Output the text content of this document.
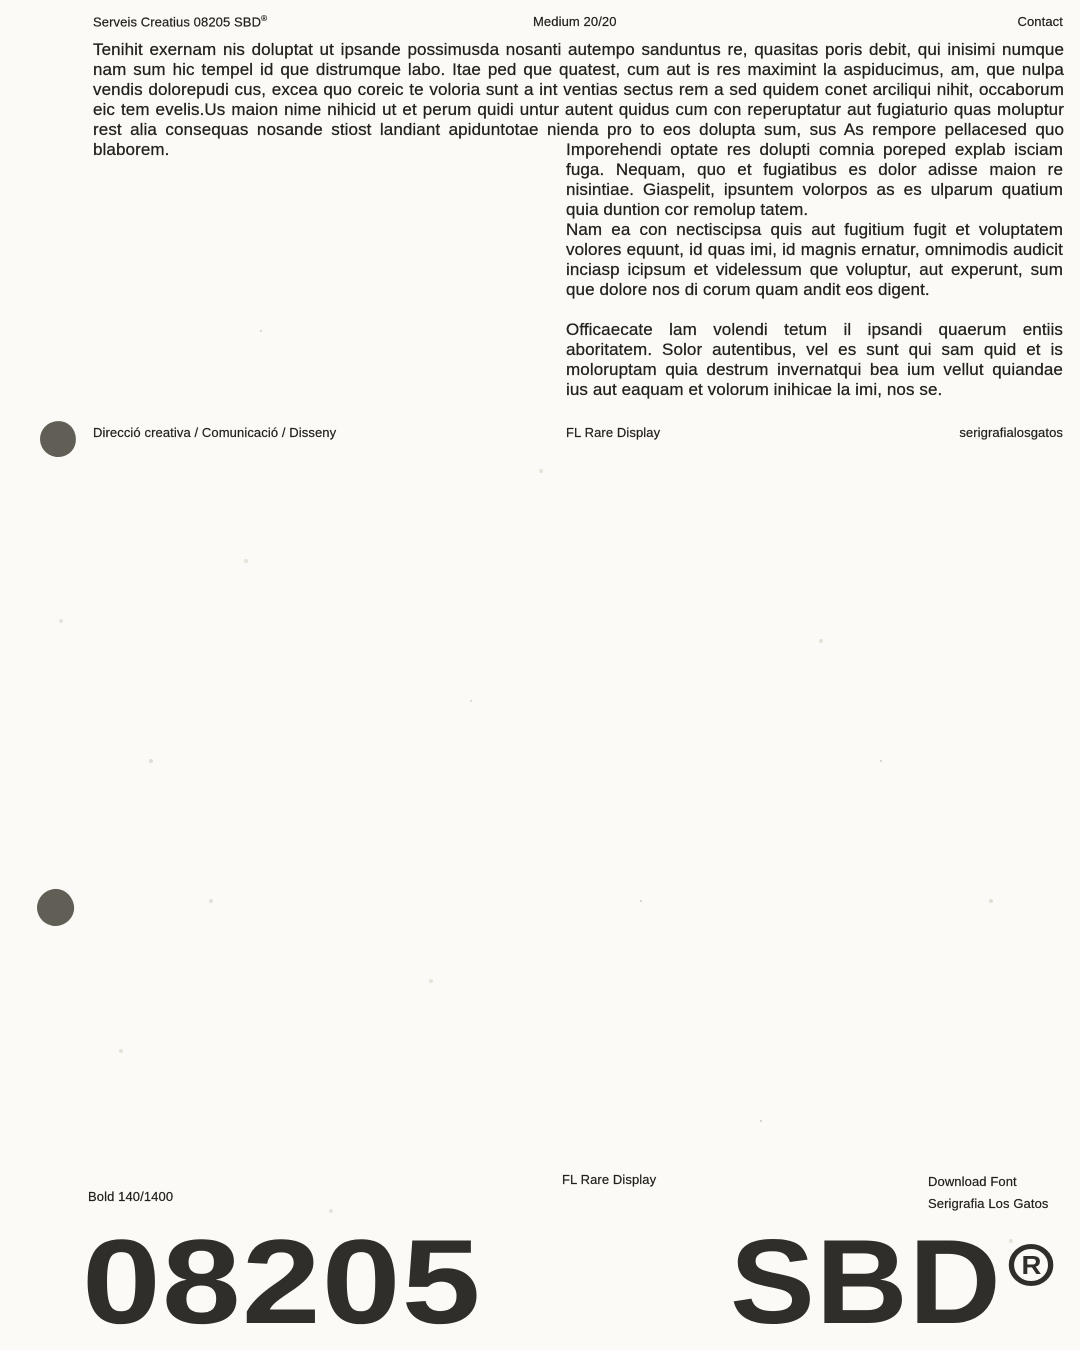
Serveis Creatius 08205 SBD®	Medium 20/20	Contact

Tenihit exernam nis doluptat ut ipsande possimusda nosanti autempo sanduntus re, quasitas poris debit, qui inisimi numque nam sum hic tempel id que distrumque labo. Itae ped que quatest, cum aut is res maximint la aspiducimus, am, que nulpa vendis dolorepudi cus, excea quo coreic te voloria sunt a int ventias sectus rem a sed quidem conet arciliqui nihit, occaborum eic tem evelis.Us maion nime nihicid ut et perum quidi untur autent quidus cum con reperuptatur aut fugiaturio quas moluptur rest alia consequas nosande stiost landiant apiduntotae nienda pro to eos dolupta sum, sus As rempore pellacesed quo blaborem.	Imporehendi optate res dolupti comnia poreped explab isciam fuga. Nequam, quo et fugiatibus es dolor adisse maion re nisintiae. Giaspelit, ipsuntem volorpos as es ulparum quatium quia duntion cor remolup tatem.

Nam ea con nectiscipsa quis aut fugitium fugit et voluptatem volores equunt, id quas imi, id magnis ernatur, omnimodis audicit inciasp icipsum et videlessum que voluptur, aut experunt, sum que dolore nos di corum quam andit eos digent.

Officaecate lam volendi tetum il ipsandi quaerum entiis aboritatem. Solor autentibus, vel es sunt qui sam quid et is moloruptam quia destrum invernatqui bea ium vellut quiandae ius aut eaquam et volorum inihicae la imi, nos se.

Direcció creativa / Comunicació / Disseny	FL Rare Display	serigrafialosgatos
Bold 140/1400
FL Rare Display	Download Font
Serigrafia Los Gatos
08205 SBD R
